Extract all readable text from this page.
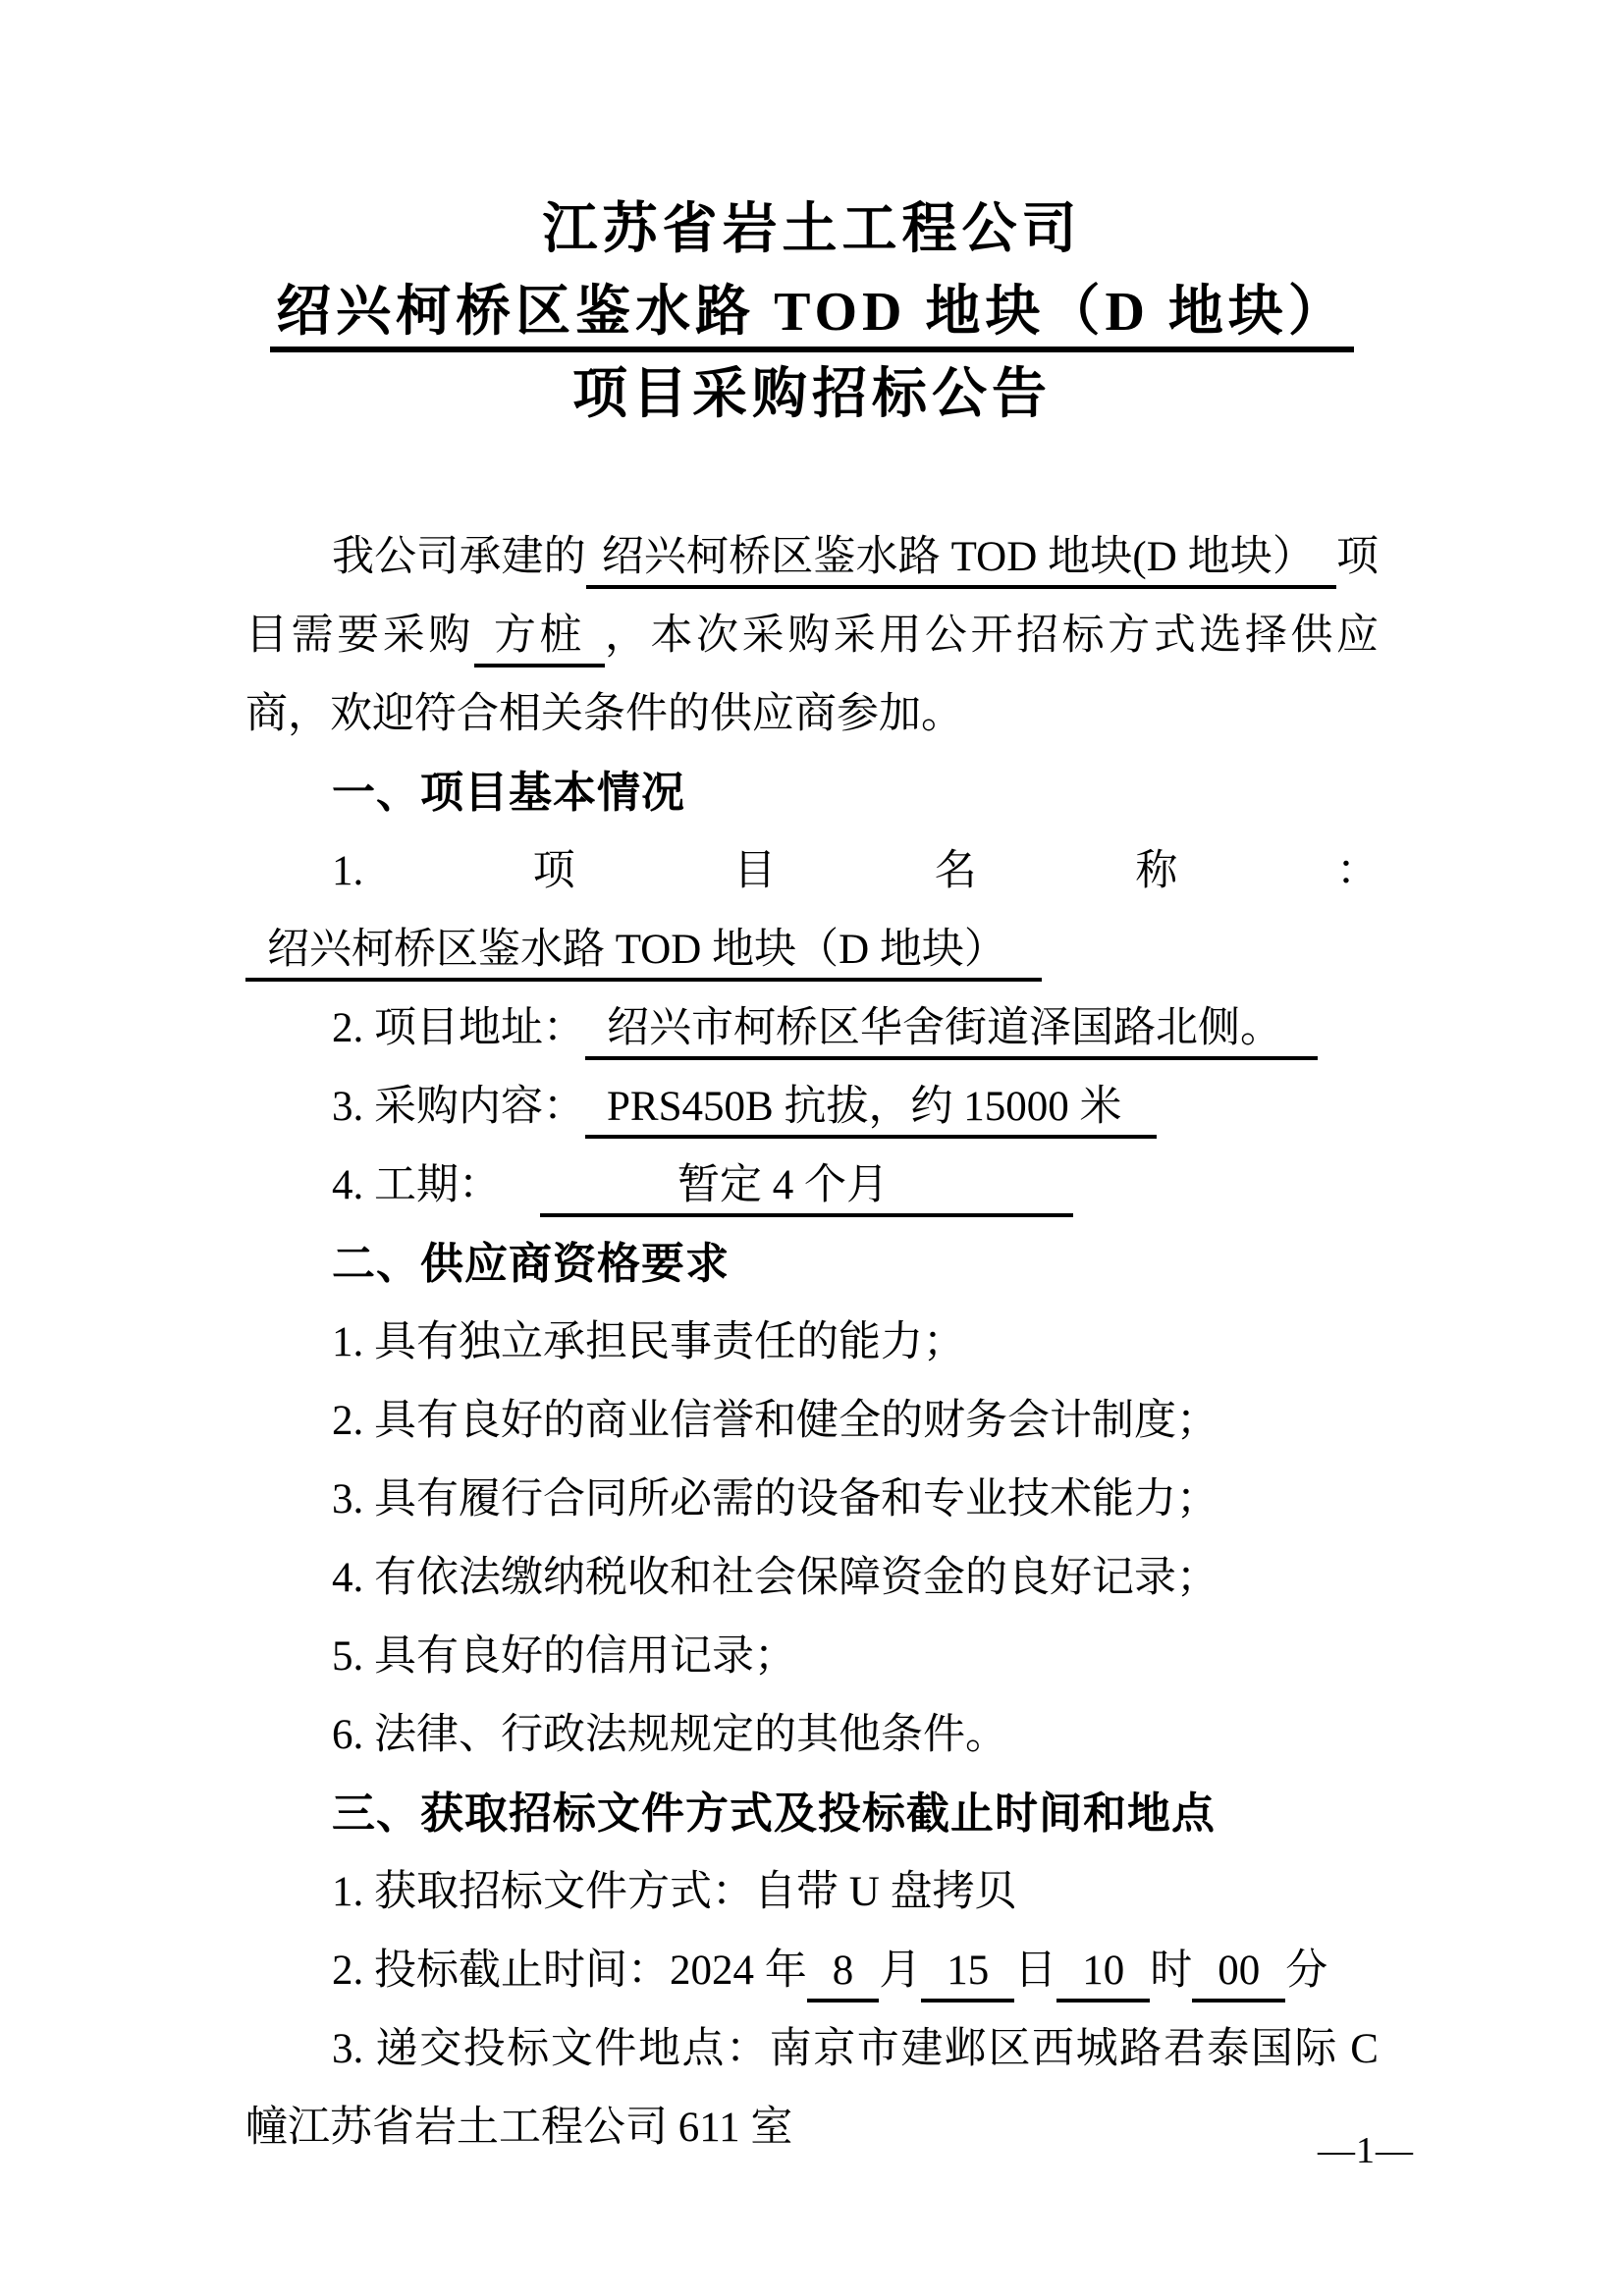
江苏省岩土工程公司
绍兴柯桥区鉴水路 TOD 地块（D 地块）
项目采购招标公告

我公司承建的 绍兴柯桥区鉴水路 TOD 地块(D 地块） 项目需要采购 方桩 ，本次采购采用公开招标方式选择供应商，欢迎符合相关条件的供应商参加。

一、项目基本情况

1. 项目名称：绍兴柯桥区鉴水路 TOD 地块（D 地块）

2. 项目地址： 绍兴市柯桥区华舍街道泽国路北侧。

3. 采购内容： PRS450B 抗拔，约 15000 米

4. 工期：	暂定 4 个月

二、供应商资格要求

1. 具有独立承担民事责任的能力；

2. 具有良好的商业信誉和健全的财务会计制度；

3. 具有履行合同所必需的设备和专业技术能力；

4. 有依法缴纳税收和社会保障资金的良好记录；

5. 具有良好的信用记录；

6. 法律、行政法规规定的其他条件。

三、获取招标文件方式及投标截止时间和地点

1. 获取招标文件方式：自带 U 盘拷贝

2. 投标截止时间：2024 年 8 月 15 日 10 时 00 分

3. 递交投标文件地点：南京市建邺区西城路君泰国际 C 幢江苏省岩土工程公司 611 室	—1—
